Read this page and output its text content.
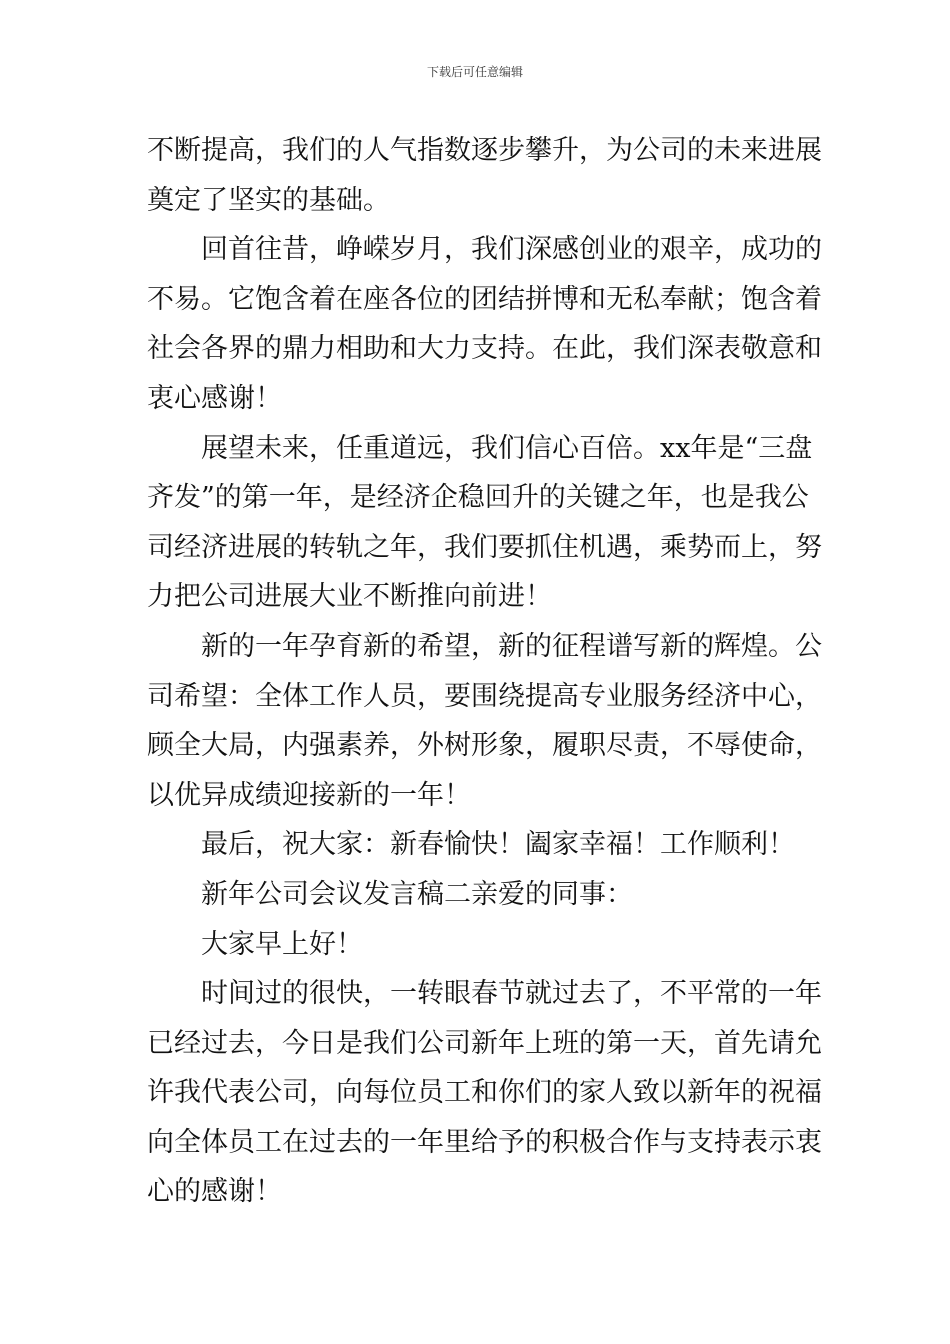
下载后可任意编辑
不断提高，我们的人气指数逐步攀升，为公司的未来进展
奠定了坚实的基础。
回首往昔，峥嵘岁月，我们深感创业的艰辛，成功的
不易。它饱含着在座各位的团结拼博和无私奉献；饱含着
社会各界的鼎力相助和大力支持。在此，我们深表敬意和
衷心感谢！
展望未来，任重道远，我们信心百倍。xx年是“三盘
齐发”的第一年，是经济企稳回升的关键之年，也是我公
司经济进展的转轨之年，我们要抓住机遇，乘势而上，努
力把公司进展大业不断推向前进！
新的一年孕育新的希望，新的征程谱写新的辉煌。公
司希望：全体工作人员，要围绕提高专业服务经济中心，
顾全大局，内强素养，外树形象，履职尽责，不辱使命，
以优异成绩迎接新的一年！
最后，祝大家：新春愉快！阖家幸福！工作顺利！
新年公司会议发言稿二亲爱的同事：
大家早上好！
时间过的很快，一转眼春节就过去了，不平常的一年
已经过去，今日是我们公司新年上班的第一天，首先请允
许我代表公司，向每位员工和你们的家人致以新年的祝福
向全体员工在过去的一年里给予的积极合作与支持表示衷
心的感谢！
